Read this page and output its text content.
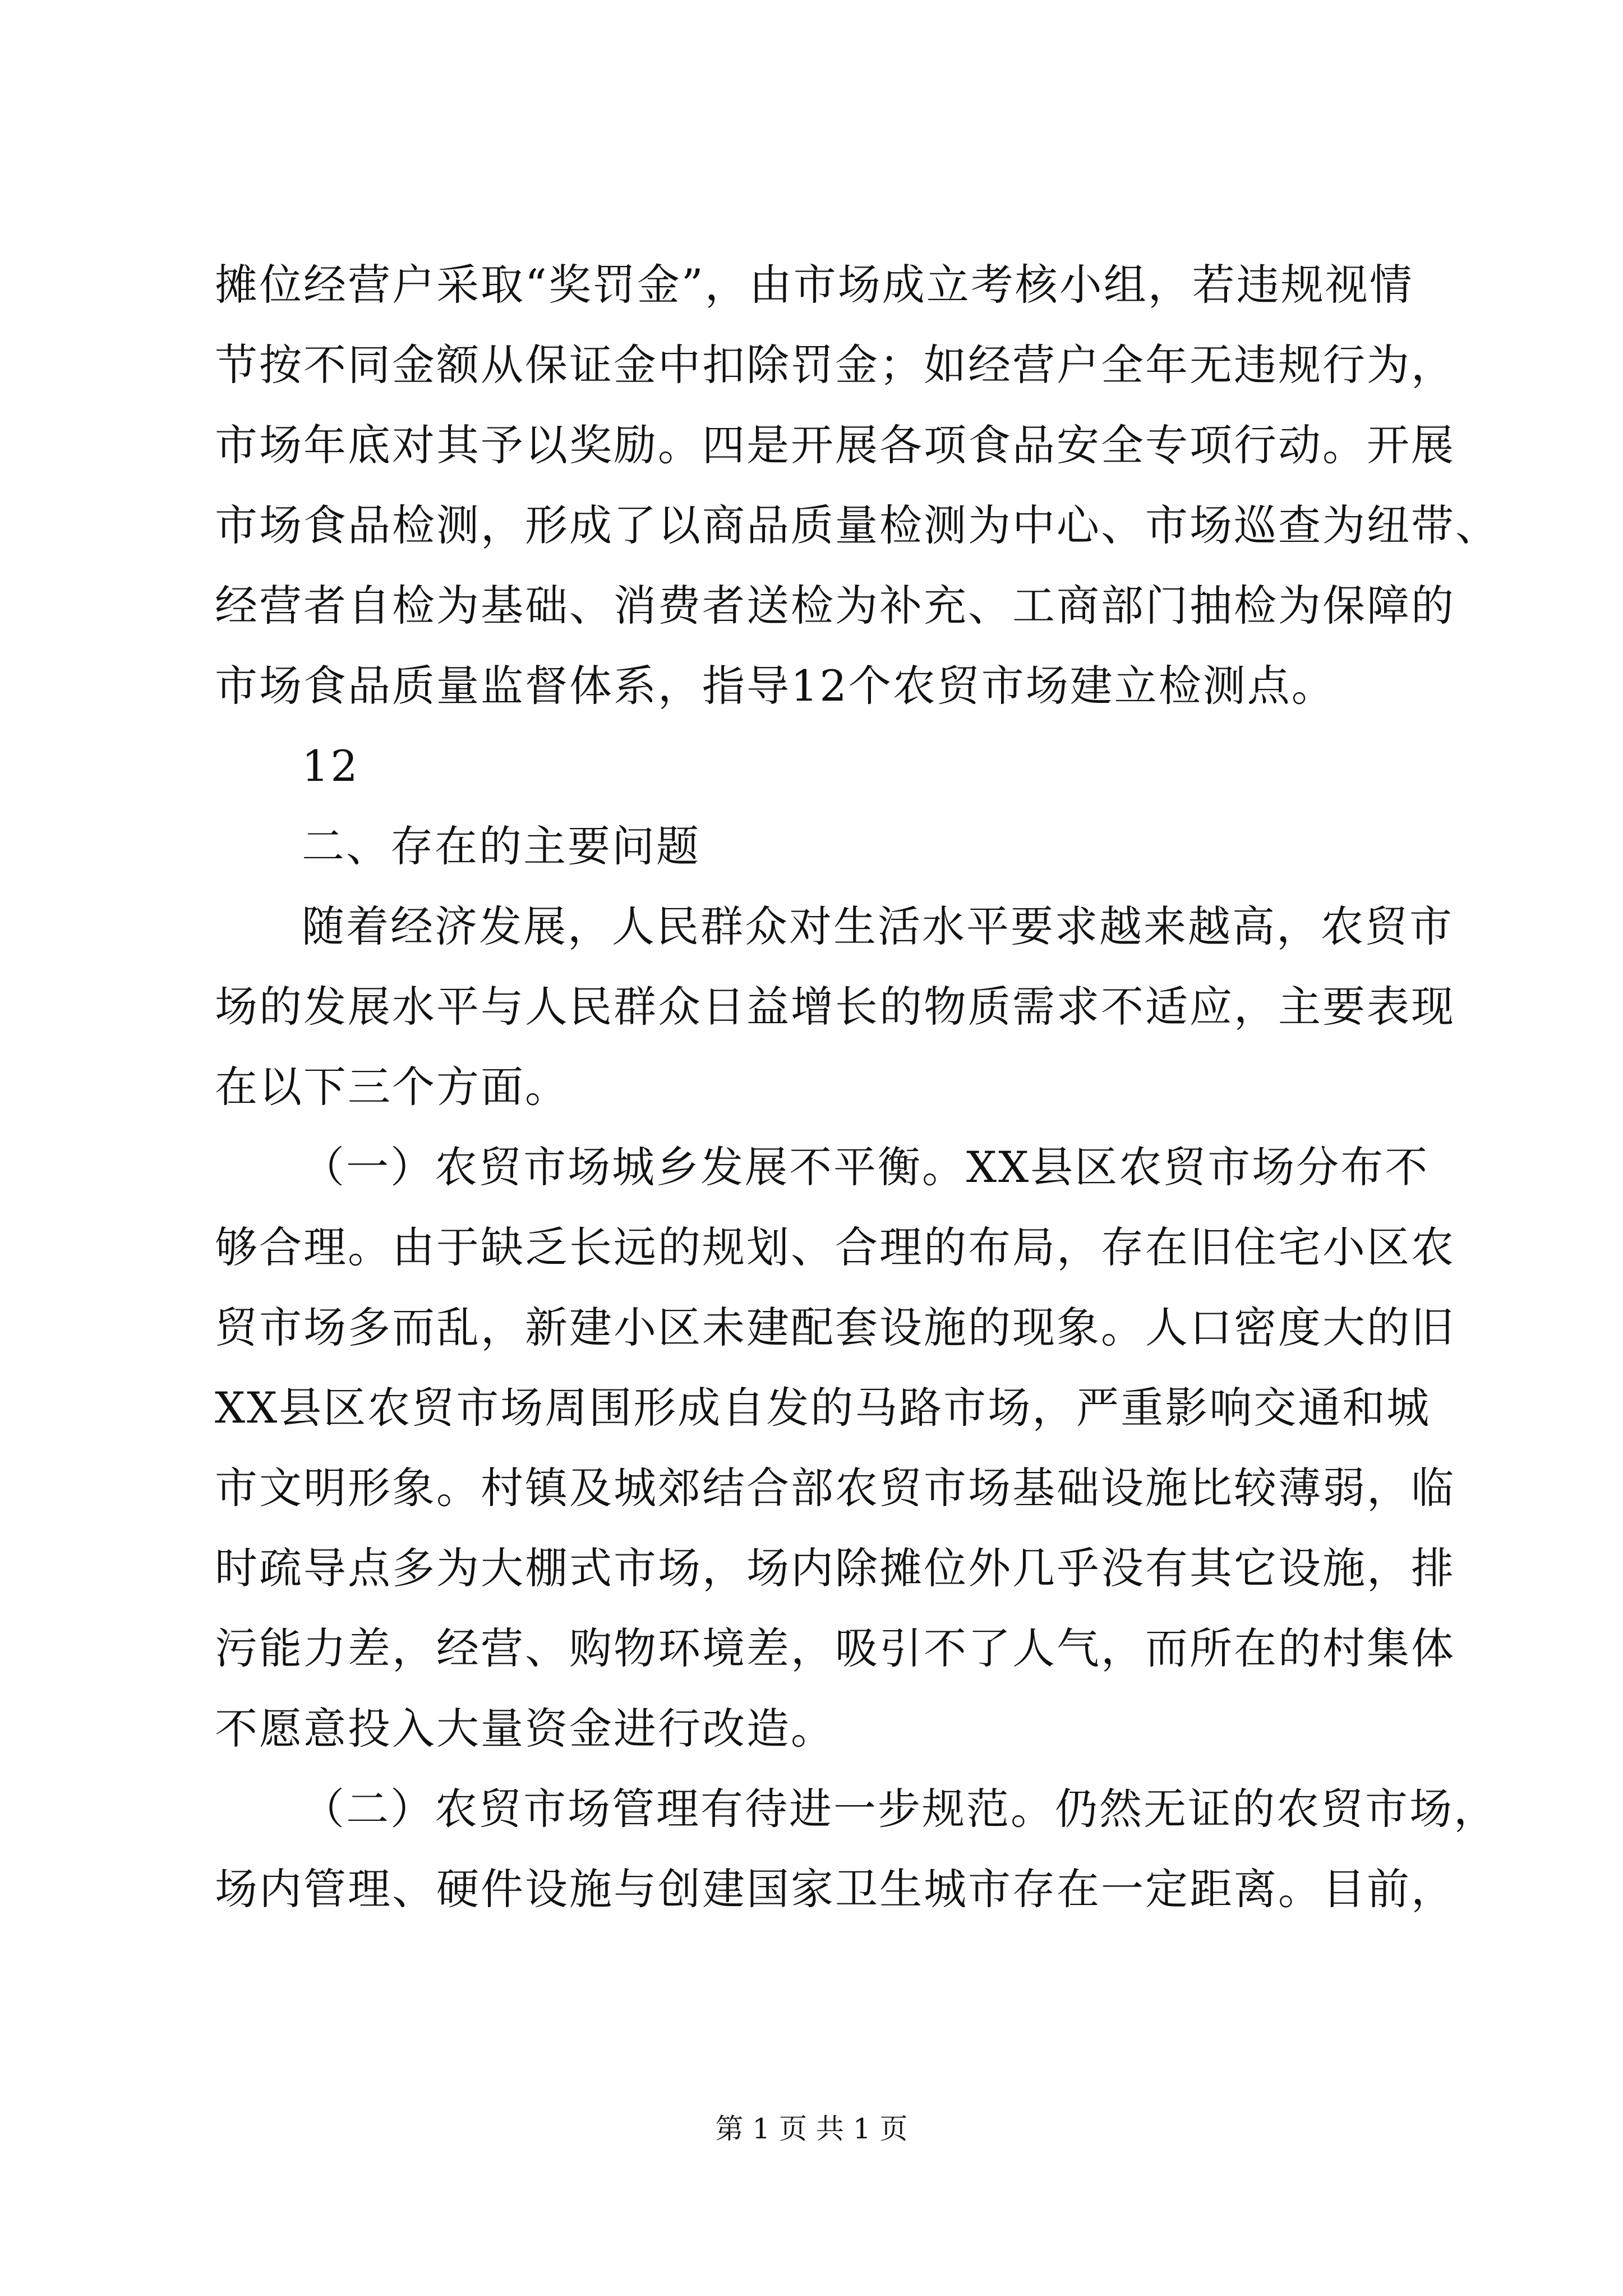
摊位经营户采取“奖罚金”，由市场成立考核小组，若违规视情
节按不同金额从保证金中扣除罚金；如经营户全年无违规行为，
市场年底对其予以奖励。四是开展各项食品安全专项行动。开展
市场食品检测，形成了以商品质量检测为中心、市场巡查为纽带、
经营者自检为基础、消费者送检为补充、工商部门抽检为保障的
市场食品质量监督体系，指导12个农贸市场建立检测点。
12
二、存在的主要问题
随着经济发展，人民群众对生活水平要求越来越高，农贸市
场的发展水平与人民群众日益增长的物质需求不适应，主要表现
在以下三个方面。
（一）农贸市场城乡发展不平衡。XX县区农贸市场分布不
够合理。由于缺乏长远的规划、合理的布局，存在旧住宅小区农
贸市场多而乱，新建小区未建配套设施的现象。人口密度大的旧
XX县区农贸市场周围形成自发的马路市场，严重影响交通和城
市文明形象。村镇及城郊结合部农贸市场基础设施比较薄弱，临
时疏导点多为大棚式市场，场内除摊位外几乎没有其它设施，排
污能力差，经营、购物环境差，吸引不了人气，而所在的村集体
不愿意投入大量资金进行改造。
（二）农贸市场管理有待进一步规范。仍然无证的农贸市场，
场内管理、硬件设施与创建国家卫生城市存在一定距离。目前，
第 1 页 共 1 页
